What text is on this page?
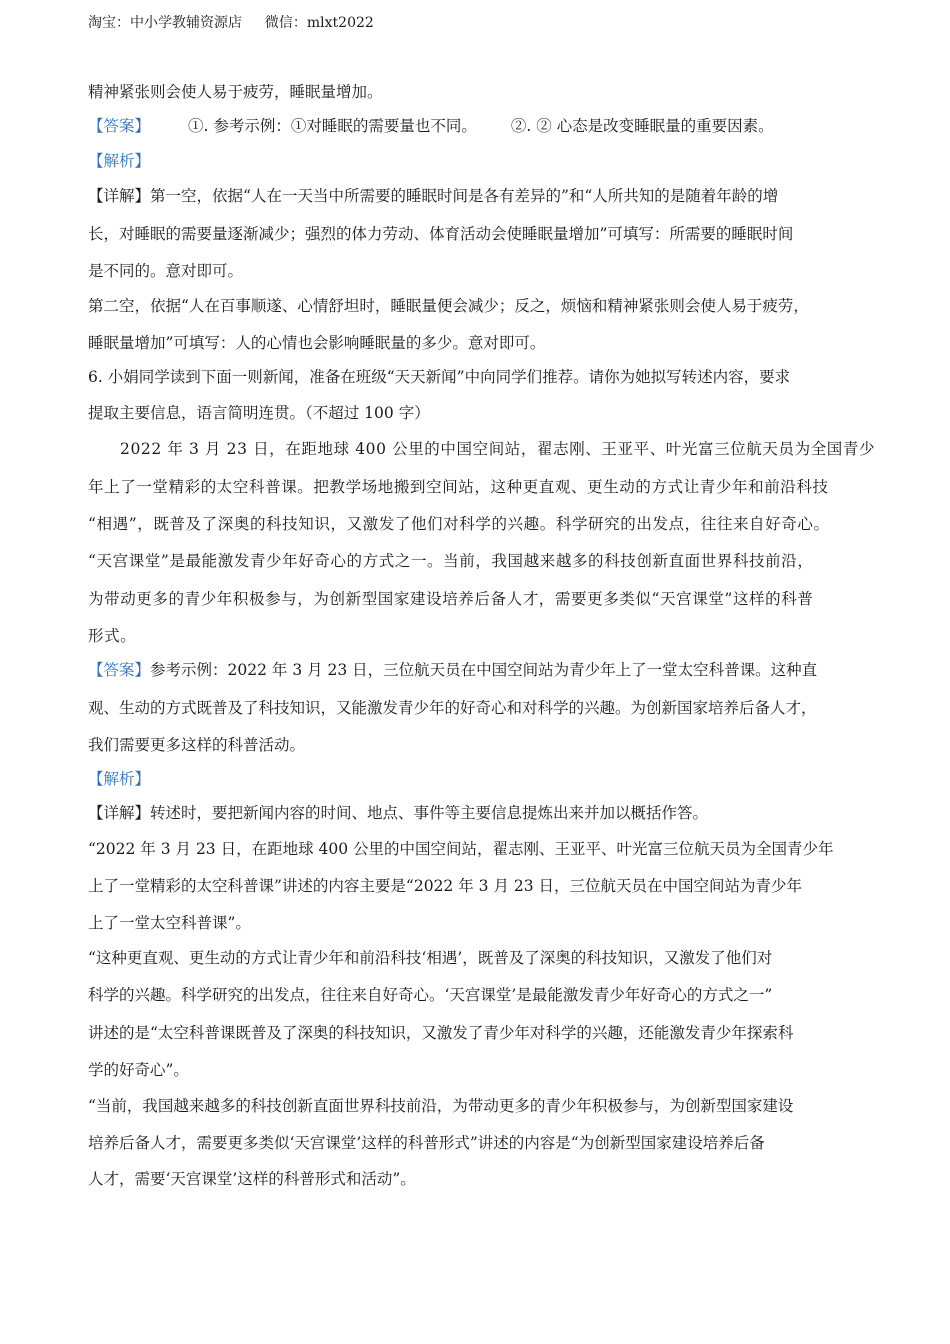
淘宝：中小学教辅资源店 微信：mlxt2022

精神紧张则会使人易于疲劳，睡眠量增加。

【答案】 ①. 参考示例：①对睡眠的需要量也不同。 ②. ② 心态是改变睡眠量的重要因素。

【解析】

【详解】第一空，依据“人在一天当中所需要的睡眠时间是各有差异的”和“人所共知的是随着年龄的增

长，对睡眠的需要量逐渐减少；强烈的体力劳动、体育活动会使睡眠量增加”可填写：所需要的睡眠时间

是不同的。意对即可。

第二空，依据“人在百事顺遂、心情舒坦时，睡眠量便会减少；反之，烦恼和精神紧张则会使人易于疲劳，

睡眠量增加”可填写：人的心情也会影响睡眠量的多少。意对即可。

6. 小娟同学读到下面一则新闻，准备在班级“天天新闻”中向同学们推荐。请你为她拟写转述内容，要求

提取主要信息，语言简明连贯。（不超过 100 字）

2022 年 3 月 23 日，在距地球 400 公里的中国空间站，翟志刚、王亚平、叶光富三位航天员为全国青少

年上了一堂精彩的太空科普课。把教学场地搬到空间站，这种更直观、更生动的方式让青少年和前沿科技

“相遇”，既普及了深奥的科技知识，又激发了他们对科学的兴趣。科学研究的出发点，往往来自好奇心。

“天宫课堂”是最能激发青少年好奇心的方式之一。当前，我国越来越多的科技创新直面世界科技前沿，

为带动更多的青少年积极参与，为创新型国家建设培养后备人才，需要更多类似“天宫课堂”这样的科普

形式。

【答案】参考示例：2022 年 3 月 23 日，三位航天员在中国空间站为青少年上了一堂太空科普课。这种直

观、生动的方式既普及了科技知识，又能激发青少年的好奇心和对科学的兴趣。为创新国家培养后备人才，

我们需要更多这样的科普活动。

【解析】

【详解】转述时，要把新闻内容的时间、地点、事件等主要信息提炼出来并加以概括作答。

“2022 年 3 月 23 日，在距地球 400 公里的中国空间站，翟志刚、王亚平、叶光富三位航天员为全国青少年

上了一堂精彩的太空科普课”讲述的内容主要是“2022 年 3 月 23 日，三位航天员在中国空间站为青少年

上了一堂太空科普课”。

“这种更直观、更生动的方式让青少年和前沿科技‘相遇’，既普及了深奥的科技知识，又激发了他们对

科学的兴趣。科学研究的出发点，往往来自好奇心。‘天宫课堂’是最能激发青少年好奇心的方式之一”

讲述的是“太空科普课既普及了深奥的科技知识，又激发了青少年对科学的兴趣，还能激发青少年探索科

学的好奇心”。

“当前，我国越来越多的科技创新直面世界科技前沿，为带动更多的青少年积极参与，为创新型国家建设

培养后备人才，需要更多类似‘天宫课堂’这样的科普形式”讲述的内容是“为创新型国家建设培养后备

人才，需要‘天宫课堂’这样的科普形式和活动”。
